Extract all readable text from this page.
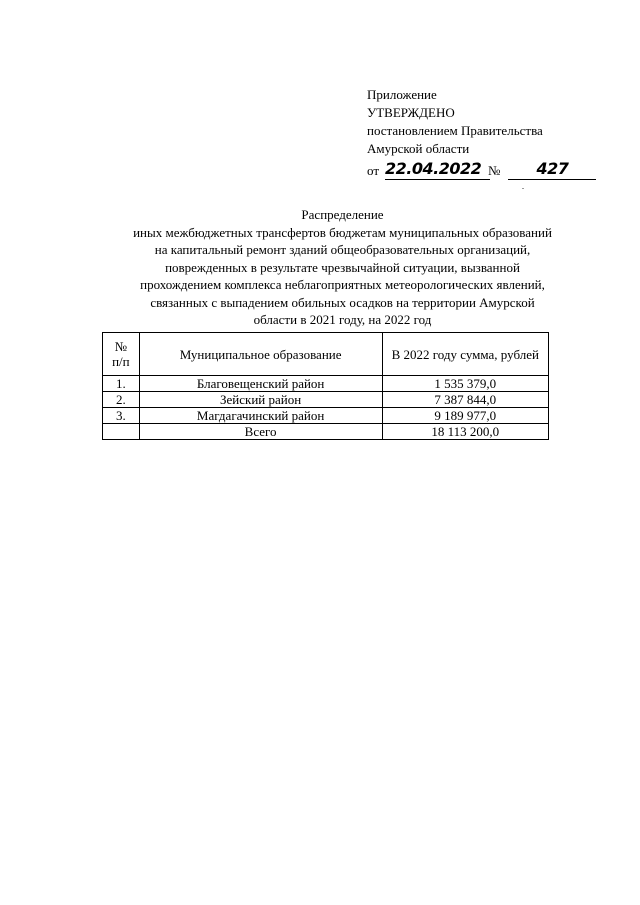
Приложение
УТВЕРЖДЕНО
постановлением Правительства
Амурской области
от 22.04.2022 №	427
Распределение
иных межбюджетных трансфертов бюджетам муниципальных образований
на капитальный ремонт зданий общеобразовательных организаций,
поврежденных в результате чрезвычайной ситуации, вызванной
прохождением комплекса неблагоприятных метеорологических явлений,
связанных с выпадением обильных осадков на территории Амурской
области в 2021 году, на 2022 год
№
п/п	Муниципальное образование	В 2022 году сумма, рублей
1.	Благовещенский район	1 535 379,0
2.	Зейский район	7 387 844,0
3.	Магдагачинский район	9 189 977,0
	Всего	18 113 200,0
